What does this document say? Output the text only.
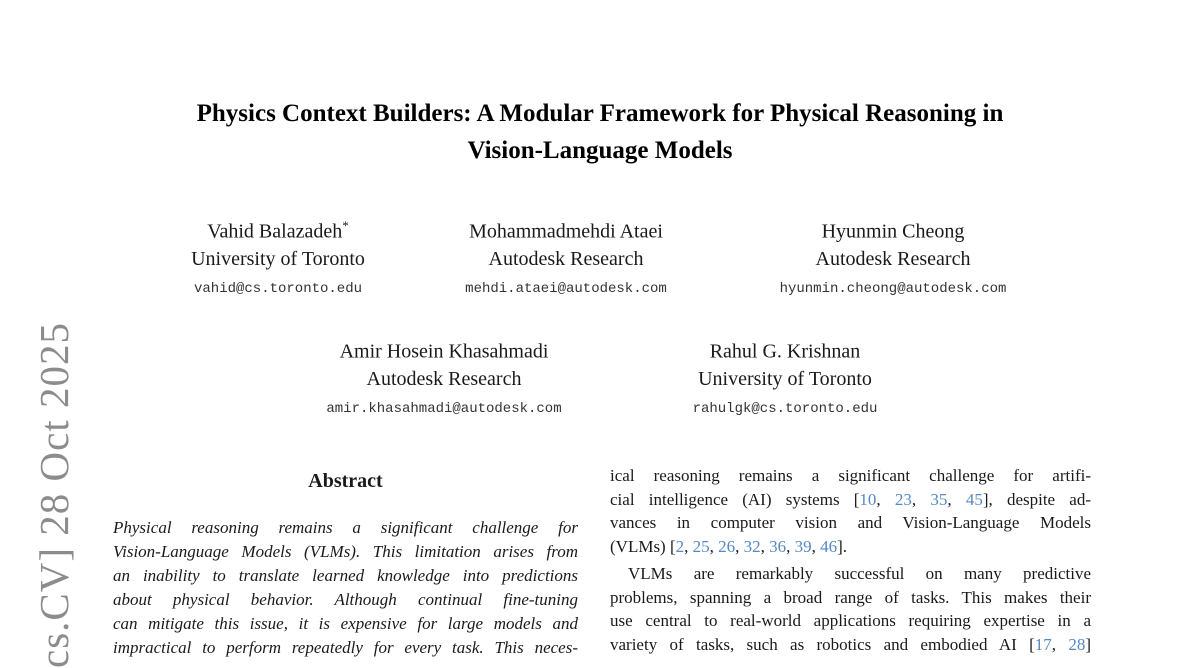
cs.CV] 28 Oct 2025
Physics Context Builders: A Modular Framework for Physical Reasoning in
Vision-Language Models
Vahid Balazadeh*
University of Toronto
vahid@cs.toronto.edu
Mohammadmehdi Ataei
Autodesk Research
mehdi.ataei@autodesk.com
Hyunmin Cheong
Autodesk Research
hyunmin.cheong@autodesk.com
Amir Hosein Khasahmadi
Autodesk Research
amir.khasahmadi@autodesk.com
Rahul G. Krishnan
University of Toronto
rahulgk@cs.toronto.edu
Abstract
Physical reasoning remains a significant challenge for
Vision-Language Models (VLMs). This limitation arises from
an inability to translate learned knowledge into predictions
about physical behavior. Although continual fine-tuning
can mitigate this issue, it is expensive for large models and
impractical to perform repeatedly for every task. This neces-
ical reasoning remains a significant challenge for artifi-
cial intelligence (AI) systems [10, 23, 35, 45], despite ad-
vances in computer vision and Vision-Language Models
(VLMs) [2, 25, 26, 32, 36, 39, 46].
VLMs are remarkably successful on many predictive
problems, spanning a broad range of tasks. This makes their
use central to real-world applications requiring expertise in a
variety of tasks, such as robotics and embodied AI [17, 28]
